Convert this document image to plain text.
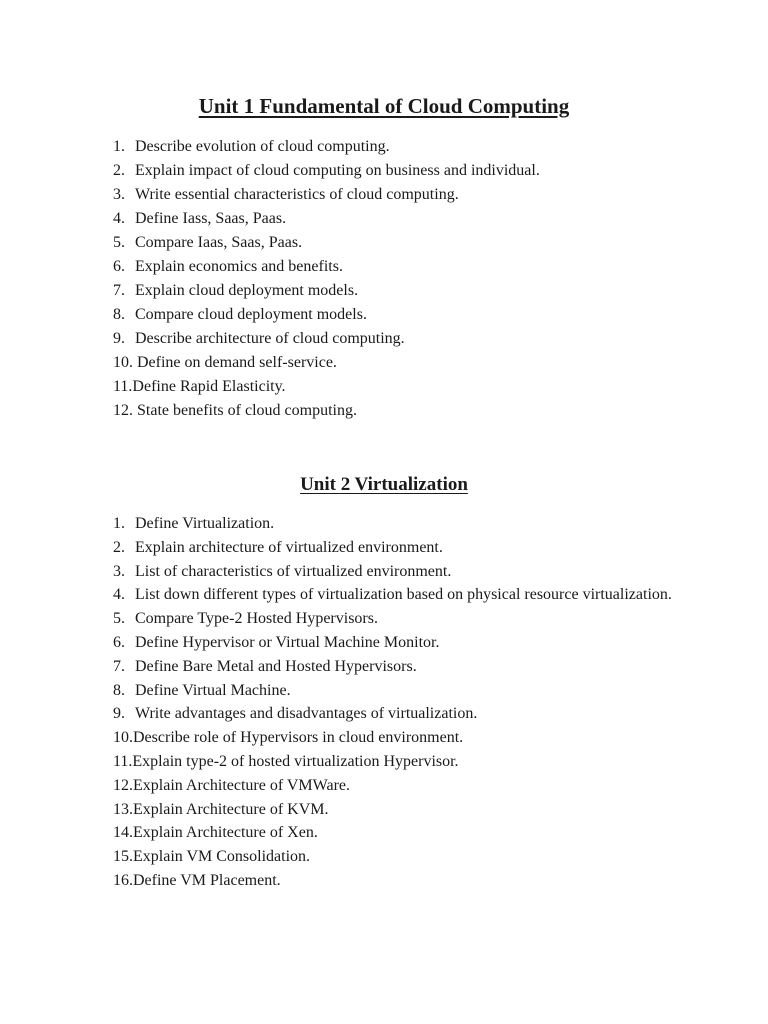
Unit 1 Fundamental of Cloud Computing
1. Describe evolution of cloud computing.
2. Explain impact of cloud computing on business and individual.
3. Write essential characteristics of cloud computing.
4. Define Iass, Saas, Paas.
5. Compare Iaas, Saas, Paas.
6. Explain economics and benefits.
7. Explain cloud deployment models.
8. Compare cloud deployment models.
9. Describe architecture of cloud computing.
10. Define on demand self-service.
11. Define Rapid Elasticity.
12. State benefits of cloud computing.
Unit 2 Virtualization
1. Define Virtualization.
2. Explain architecture of virtualized environment.
3. List of characteristics of virtualized environment.
4. List down different types of virtualization based on physical resource virtualization.
5. Compare Type-2 Hosted Hypervisors.
6. Define Hypervisor or Virtual Machine Monitor.
7. Define Bare Metal and Hosted Hypervisors.
8. Define Virtual Machine.
9. Write advantages and disadvantages of virtualization.
10. Describe role of Hypervisors in cloud environment.
11. Explain type-2 of hosted virtualization Hypervisor.
12. Explain Architecture of VMWare.
13. Explain Architecture of KVM.
14. Explain Architecture of Xen.
15. Explain VM Consolidation.
16. Define VM Placement.
